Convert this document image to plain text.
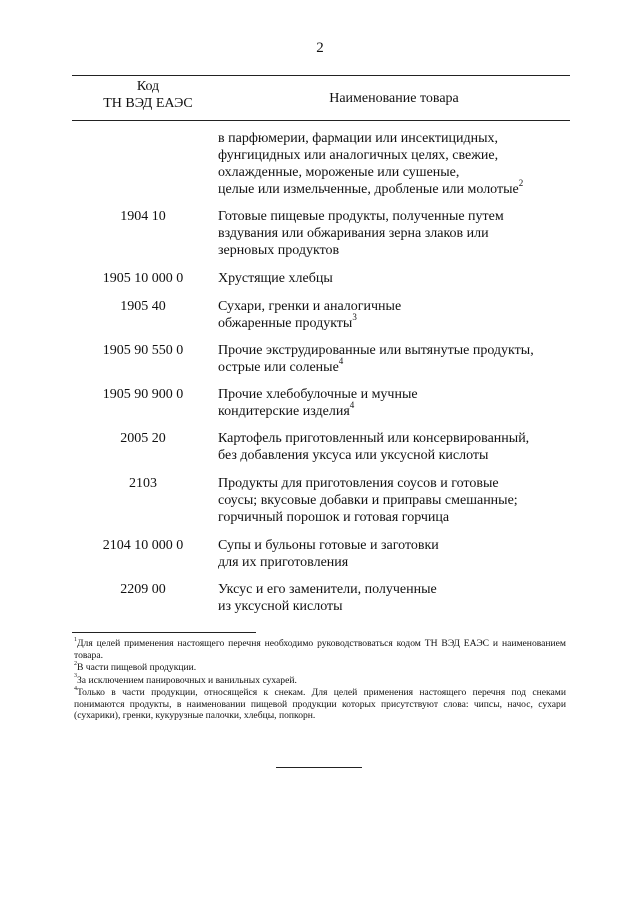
2
Код
ТН ВЭД ЕАЭС	Наименование товара
в парфюмерии, фармации или инсектицидных,
фунгицидных или аналогичных целях, свежие,
охлажденные, мороженые или сушеные,
целые или измельченные, дробленые или молотые$^2$
1904 10	Готовые пищевые продукты, полученные путем
вздувания или обжаривания зерна злаков или
зерновых продуктов
1905 10 000 0	Хрустящие хлебцы
1905 40	Сухари, гренки и аналогичные
обжаренные продукты$^3$
1905 90 550 0	Прочие экструдированные или вытянутые продукты,
острые или соленые$^4$
1905 90 900 0	Прочие хлебобулочные и мучные
кондитерские изделия$^4$
2005 20	Картофель приготовленный или консервированный,
без добавления уксуса или уксусной кислоты
2103	Продукты для приготовления соусов и готовые
соусы; вкусовые добавки и приправы смешанные;
горчичный порошок и готовая горчица
2104 10 000 0	Супы и бульоны готовые и заготовки
для их приготовления
2209 00	Уксус и его заменители, полученные
из уксусной кислоты

$^1$Для целей применения настоящего перечня необходимо руководствоваться кодом ТН ВЭД ЕАЭС и наименованием товара.

$^2$В части пищевой продукции.

$^3$За исключением панировочных и ванильных сухарей.

$^4$Только в части продукции, относящейся к снекам. Для целей применения настоящего перечня под снеками понимаются продукты, в наименовании пищевой продукции которых присутствуют слова: чипсы, начос, сухари (сухарики), гренки, кукурузные палочки, хлебцы, попкорн.
